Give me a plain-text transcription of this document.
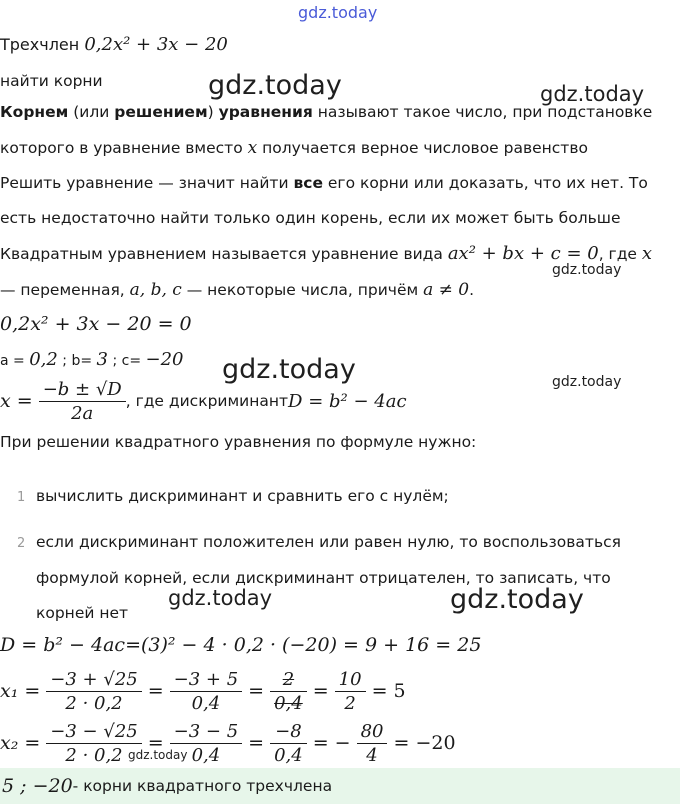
gdz.today
Трехчлен 0,2x² + 3x − 20
найти корни	gdz.today	gdz.today
Корнем (или решением) уравнения называют такое число, при подстановке
которого в уравнение вместо x получается верное числовое равенство
Решить уравнение — значит найти все его корни или доказать, что их нет. То
есть недостаточно найти только один корень, если их может быть больше
Квадратным уравнением называется уравнение вида ax² + bx + c = 0, где x
gdz.today
— переменная, a, b, c — некоторые числа, причём a ≠ 0.
0,2x² + 3x − 20 = 0
a = 0,2 ; b= 3 ; c= −20 gdz.today	gdz.today
$x = \frac{-b \pm √D}{2a}$ , где дискриминант D = b² − 4ac
При решении квадратного уравнения по формуле нужно:
1 вычислить дискриминант и сравнить его с нулём;
2 если дискриминант положителен или равен нулю, то воспользоваться
формулой корней, если дискриминант отрицателен, то записать, что
корней нет
gdz.today	gdz.today
D = b² − 4ac=(3)² − 4 · 0,2 · (−20) = 9 + 16 = 25
$x_1 = \frac{-3 + √25}{2 \cdot 0,2} = \frac{-3 + 5}{0,4} = \frac{2}{0,4} = \frac{10}{2} = 5$
$x_2 = \frac{-3 - √25}{2 \cdot 0,2} = \frac{-3 - 5}{0,4} = \frac{-8}{0,4}$ = − $\frac{80}{4} = -20$
gdz.today
5 ; −20 - корни квадратного трехчлена
